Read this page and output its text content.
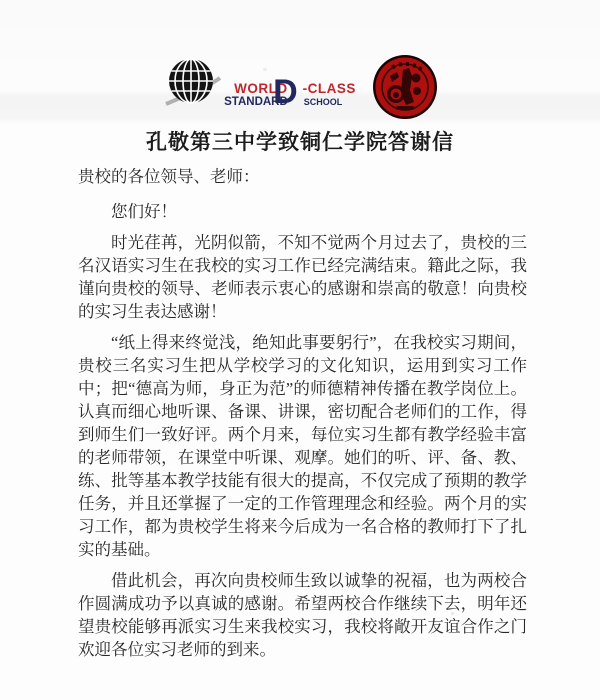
D
WORLD -CLASS
STANDARD SCHOOL
孔敬第三中学致铜仁学院答谢信

贵校的各位领导、老师：

您们好！

时光荏苒，光阴似箭，不知不觉两个月过去了，贵校的三名汉语实习生在我校的实习工作已经完满结束。籍此之际，我谨向贵校的领导、老师表示衷心的感谢和崇高的敬意！向贵校的实习生表达感谢！

“纸上得来终觉浅，绝知此事要躬行”，在我校实习期间，贵校三名实习生把从学校学习的文化知识，运用到实习工作中；把“德高为师，身正为范”的师德精神传播在教学岗位上。认真而细心地听课、备课、讲课，密切配合老师们的工作，得到师生们一致好评。两个月来，每位实习生都有教学经验丰富的老师带领，在课堂中听课、观摩。她们的听、评、备、教、练、批等基本教学技能有很大的提高，不仅完成了预期的教学任务，并且还掌握了一定的工作管理理念和经验。两个月的实习工作，都为贵校学生将来今后成为一名合格的教师打下了扎实的基础。

借此机会，再次向贵校师生致以诚挚的祝福，也为两校合作圆满成功予以真诚的感谢。希望两校合作继续下去，明年还望贵校能够再派实习生来我校实习，我校将敞开友谊合作之门欢迎各位实习老师的到来。
